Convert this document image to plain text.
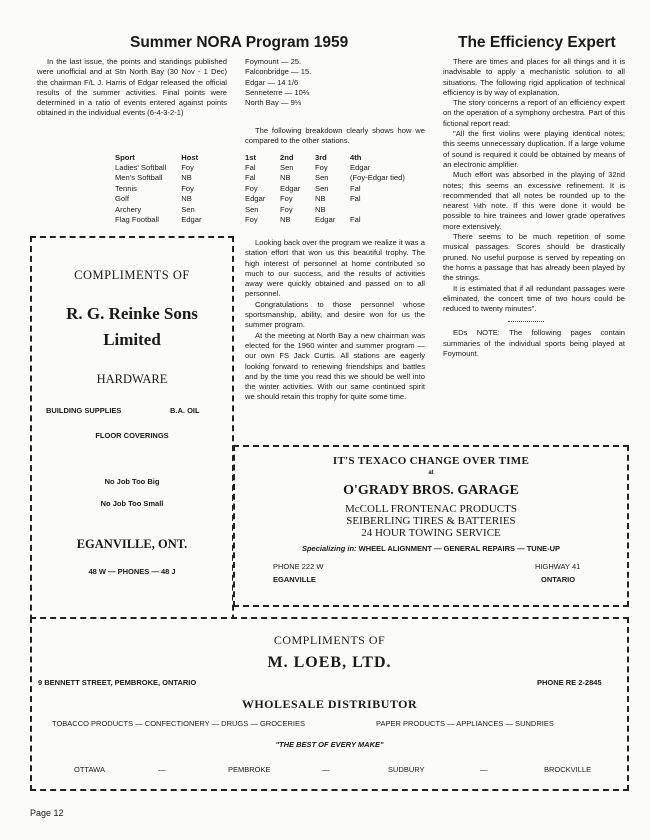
Summer NORA Program 1959

In the last issue, the points and standings published were unofficial and at Stn North Bay (30 Nov - 1 Dec) the chairman F/L J. Harris of Edgar released the official results of the summer activities. Final points were determined in a ratio of events entered against points obtained in the individual events (6-4-3-2-1)

Sport	Host
Ladies' Softball	Foy
Men's Softball	NB
Tennis	Foy
Golf	NB
Archery	Sen
Flag Football	Edgar
Foymount — 25.
Falconbridge — 15.
Edgar — 14 1/6
Senneterre — 10⅔
North Bay — 9⅓

The following breakdown clearly shows how we compared to the other stations.

1st	2nd	3rd	4th
Fal	Sen	Foy	Edgar
Fal	NB	Sen	(Foy-Edgar tied)
Foy	Edgar	Sen	Fal
Edgar	Foy	NB	Fal
Sen	Foy	NB	
Foy	NB	Edgar	Fal

Looking back over the program we realize it was a station effort that won us this beautiful trophy. The high interest of personnel at home contributed so much to our success, and the results of activities away were quickly obtained and passed on to all personnel.

Congratulations to those personnel whose sportsmanship, ability, and desire won for us the summer program.

At the meeting at North Bay a new chairman was elected for the 1960 winter and summer program — our own FS Jack Curtis. All stations are eagerly looking forward to renewing friendships and battles and by the time you read this we should be well into the winter activities. With our same continued spirit we should retain this trophy for quite some time.

The Efficiency Expert

There are times and places for all things and it is inadvisable to apply a mechanistic solution to all situations. The following rigid application of technical efficiency is by way of explanation.

The story concerns a report of an efficiency expert on the operation of a symphony orchestra. Part of this fictional report read:

"All the first violins were playing identical notes; this seems unnecessary duplication. If a large volume of sound is required it could be obtained by means of an electronic amplifier.

Much effort was absorbed in the playing of 32nd notes; this seems an excessive refinement. It is recommended that all notes be rounded up to the nearest ⅛th note. If this were done it would be possible to hire trainees and lower grade operatives more extensively.

There seems to be much repetition of some musical passages. Scores should be drastically pruned. No useful purpose is served by repeating on the horns a passage that has already been played by the strings.

It is estimated that if all redundant passages were eliminated, the concert time of two hours could be reduced to twenty minutes".

EDs NOTE: The following pages contain summaries of the individual sports being played at Foymount.

COMPLIMENTS OF
R. G. Reinke Sons
Limited
HARDWARE
BUILDING SUPPLIES	B.A. OIL
FLOOR COVERINGS
No Job Too Big
No Job Too Small
EGANVILLE, ONT.
48 W — PHONES — 48 J
IT'S TEXACO CHANGE OVER TIME
at
O'GRADY BROS. GARAGE
McCOLL FRONTENAC PRODUCTS
SEIBERLING TIRES & BATTERIES
24 HOUR TOWING SERVICE
Specializing in: WHEEL ALIGNMENT — GENERAL REPAIRS — TUNE-UP
PHONE 222 W
EGANVILLE
HIGHWAY 41
ONTARIO
COMPLIMENTS OF
M. LOEB, LTD.
9 BENNETT STREET, PEMBROKE, ONTARIO	PHONE RE 2-2845
WHOLESALE DISTRIBUTOR
TOBACCO PRODUCTS — CONFECTIONERY — DRUGS — GROCERIES	PAPER PRODUCTS — APPLIANCES — SUNDRIES
"THE BEST OF EVERY MAKE"
OTTAWA	—	PEMBROKE	—	SUDBURY	—	BROCKVILLE
Page 12
